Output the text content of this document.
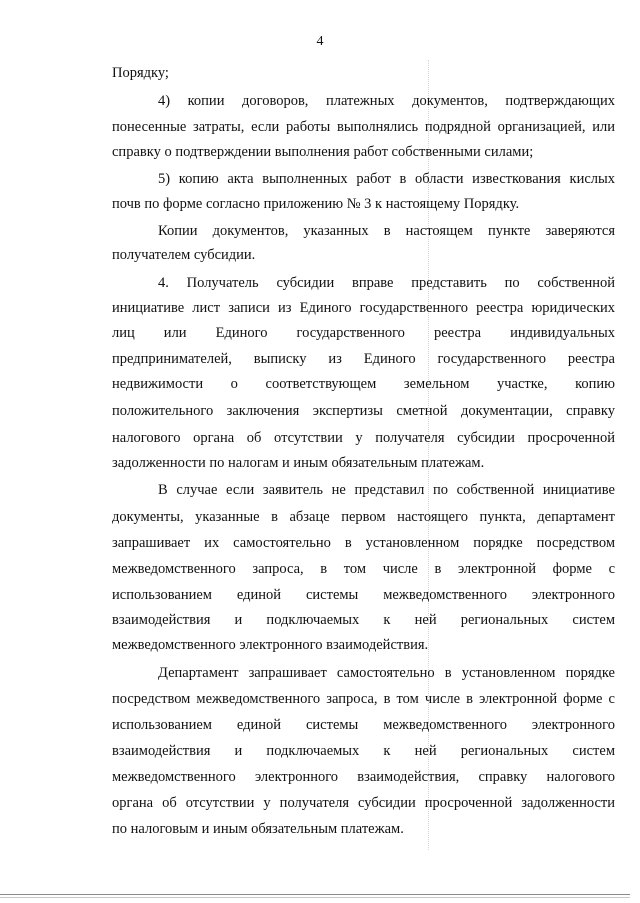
4
Порядку;
4) копии договоров, платежных документов, подтверждающих
понесенные затраты, если работы выполнялись подрядной организацией, или
справку о подтверждении выполнения работ собственными силами;
5) копию акта выполненных работ в области известкования кислых
почв по форме согласно приложению № 3 к настоящему Порядку.
Копии документов, указанных в настоящем пункте заверяются
получателем субсидии.
4. Получатель субсидии вправе представить по собственной
инициативе лист записи из Единого государственного реестра юридических
лиц или Единого государственного реестра индивидуальных
предпринимателей, выписку из Единого государственного реестра
недвижимости о соответствующем земельном участке, копию
положительного заключения экспертизы сметной документации, справку
налогового органа об отсутствии у получателя субсидии просроченной
задолженности по налогам и иным обязательным платежам.
В случае если заявитель не представил по собственной инициативе
документы, указанные в абзаце первом настоящего пункта, департамент
запрашивает их самостоятельно в установленном порядке посредством
межведомственного запроса, в том числе в электронной форме с
использованием единой системы межведомственного электронного
взаимодействия и подключаемых к ней региональных систем
межведомственного электронного взаимодействия.
Департамент запрашивает самостоятельно в установленном порядке
посредством межведомственного запроса, в том числе в электронной форме с
использованием единой системы межведомственного электронного
взаимодействия и подключаемых к ней региональных систем
межведомственного электронного взаимодействия, справку налогового
органа об отсутствии у получателя субсидии просроченной задолженности
по налоговым и иным обязательным платежам.
